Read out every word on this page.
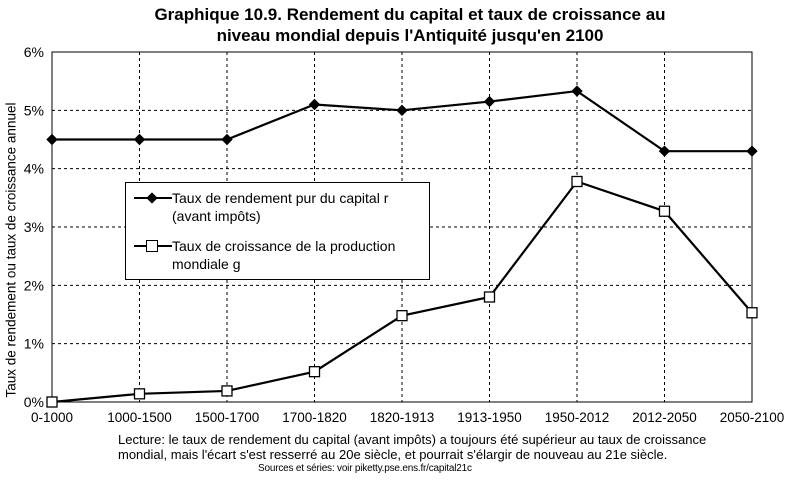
Graphique 10.9. Rendement du capital et taux de croissance au
niveau mondial depuis l'Antiquité jusqu'en 2100
Taux de rendement ou taux de croissance annuel
0%
1%
2%
3%
4%
5%
6%
0-1000	1000-1500 1500-1700 1700-1820 1820-1913 1913-1950 1950-2012 2012-2050 2050-2100
Taux de rendement pur du capital r
(avant impôts)
Taux de croissance de la production
mondiale g
Lecture: le taux de rendement du capital (avant impôts) a toujours été supérieur au taux de croissance
mondial, mais l'écart s'est resserré au 20e siècle, et pourrait s'élargir de nouveau au 21e siècle.
Sources et séries: voir piketty.pse.ens.fr/capital21c
